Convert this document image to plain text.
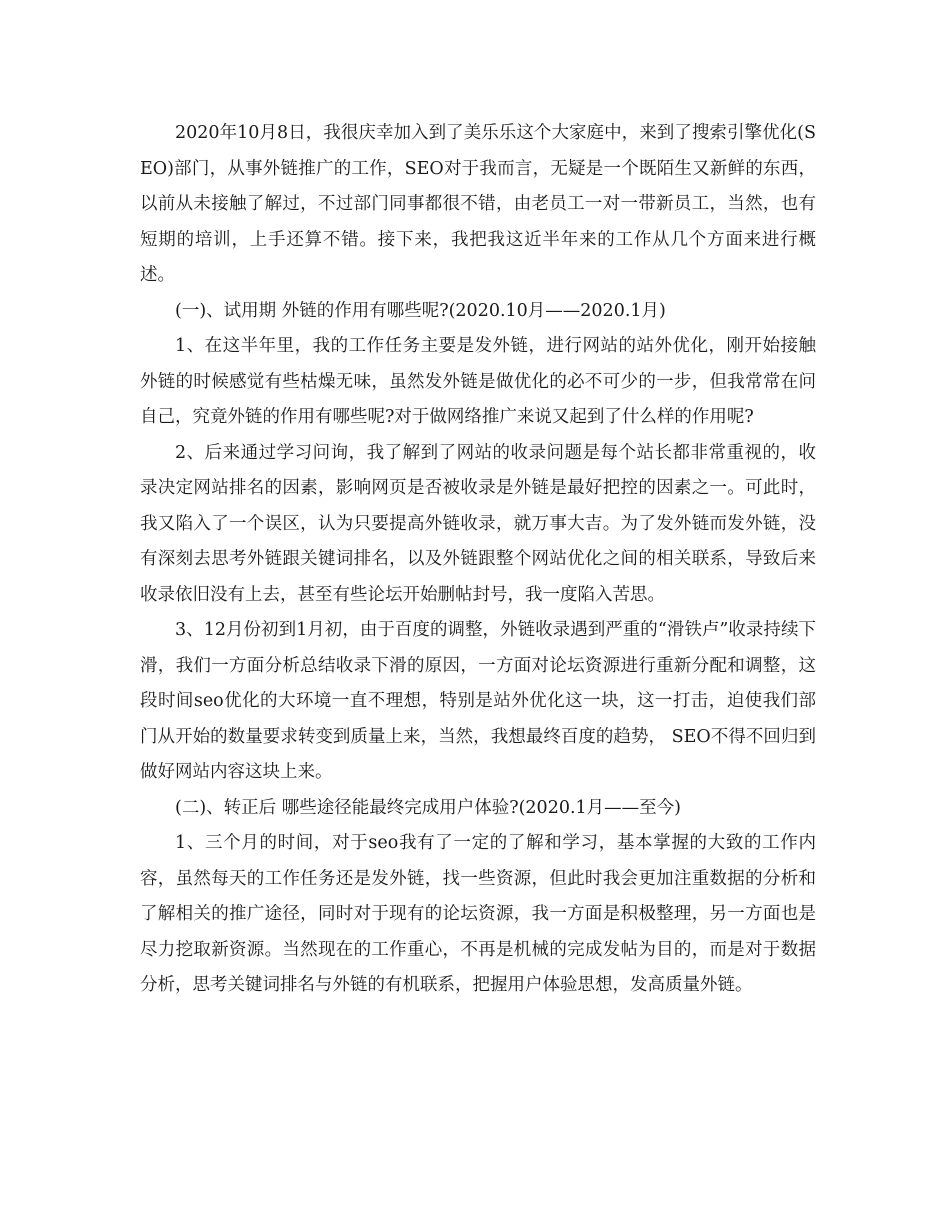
2020年10月8日，我很庆幸加入到了美乐乐这个大家庭中，来到了搜索引擎优化(SEO)部门，从事外链推广的工作，SEO对于我而言，无疑是一个既陌生又新鲜的东西，以前从未接触了解过，不过部门同事都很不错，由老员工一对一带新员工，当然，也有短期的培训，上手还算不错。接下来，我把我这近半年来的工作从几个方面来进行概述。

(一)、试用期 外链的作用有哪些呢?(2020.10月——2020.1月)

1、在这半年里，我的工作任务主要是发外链，进行网站的站外优化，刚开始接触外链的时候感觉有些枯燥无味，虽然发外链是做优化的必不可少的一步，但我常常在问自己，究竟外链的作用有哪些呢?对于做网络推广来说又起到了什么样的作用呢?

2、后来通过学习问询，我了解到了网站的收录问题是每个站长都非常重视的，收录决定网站排名的因素，影响网页是否被收录是外链是最好把控的因素之一。可此时，我又陷入了一个误区，认为只要提高外链收录，就万事大吉。为了发外链而发外链，没有深刻去思考外链跟关键词排名，以及外链跟整个网站优化之间的相关联系，导致后来收录依旧没有上去，甚至有些论坛开始删帖封号，我一度陷入苦思。

3、12月份初到1月初，由于百度的调整，外链收录遇到严重的“滑铁卢”收录持续下滑，我们一方面分析总结收录下滑的原因，一方面对论坛资源进行重新分配和调整，这段时间seo优化的大环境一直不理想，特别是站外优化这一块，这一打击，迫使我们部门从开始的数量要求转变到质量上来，当然，我想最终百度的趋势， SEO不得不回归到做好网站内容这块上来。

(二)、转正后 哪些途径能最终完成用户体验?(2020.1月——至今)

1、三个月的时间，对于seo我有了一定的了解和学习，基本掌握的大致的工作内容，虽然每天的工作任务还是发外链，找一些资源，但此时我会更加注重数据的分析和了解相关的推广途径，同时对于现有的论坛资源，我一方面是积极整理，另一方面也是尽力挖取新资源。当然现在的工作重心，不再是机械的完成发帖为目的，而是对于数据分析，思考关键词排名与外链的有机联系，把握用户体验思想，发高质量外链。
